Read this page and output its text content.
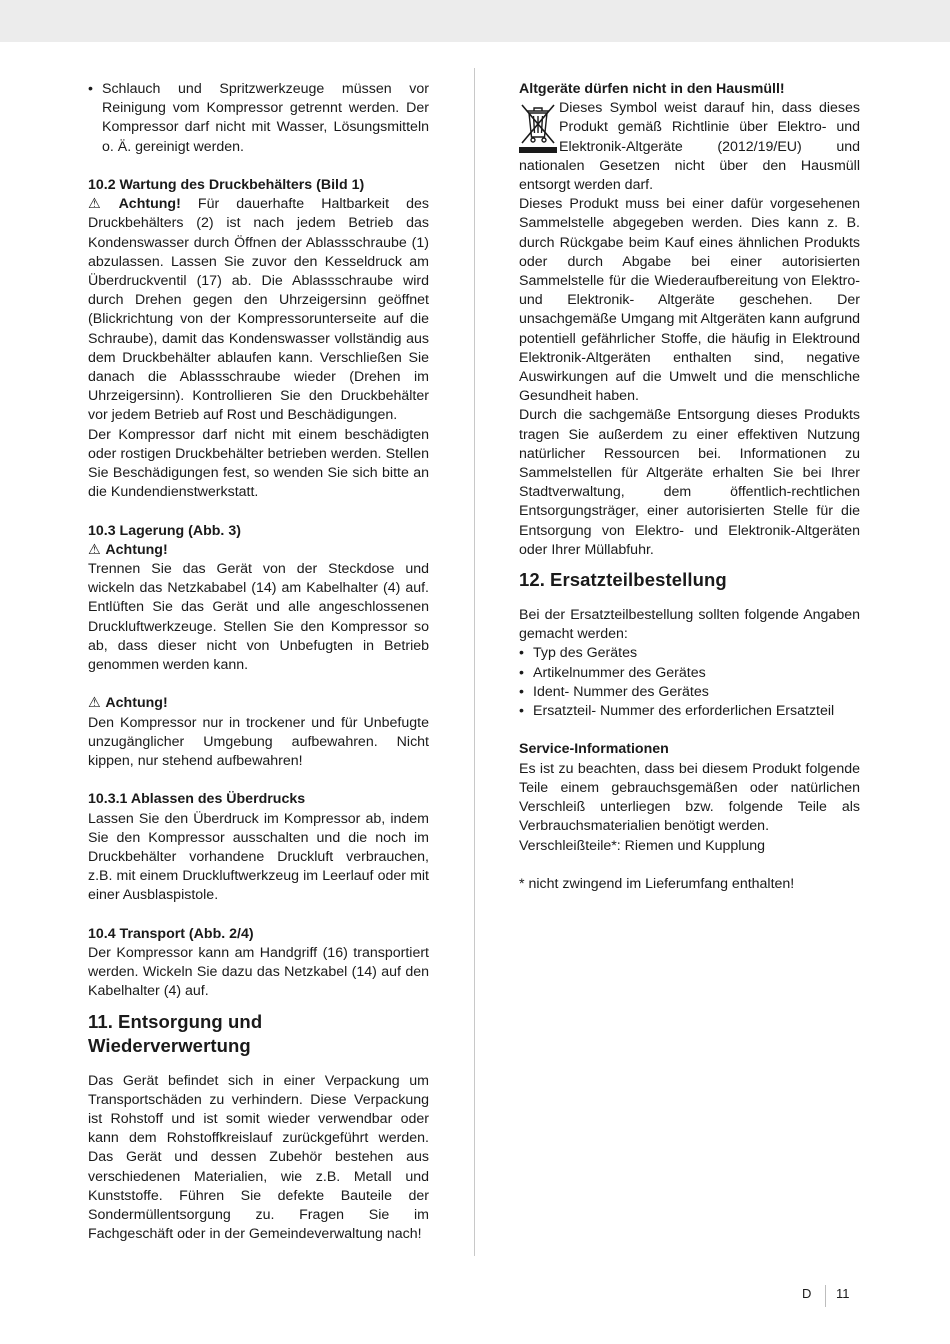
• Schlauch und Spritzwerkzeuge müssen vor Reinigung vom Kompressor getrennt werden. Der Kompressor darf nicht mit Wasser, Lösungsmitteln o. Ä. gereinigt werden.
10.2 Wartung des Druckbehälters (Bild 1)

⚠ Achtung! Für dauerhafte Haltbarkeit des Druckbehälters (2) ist nach jedem Betrieb das Kondenswasser durch Öffnen der Ablassschraube (1) abzulassen. Lassen Sie zuvor den Kesseldruck am Überdruckventil (17) ab. Die Ablassschraube wird durch Drehen gegen den Uhrzeigersinn geöffnet (Blickrichtung von der Kompressorunterseite auf die Schraube), damit das Kondenswasser vollständig aus dem Druckbehälter ablaufen kann. Verschließen Sie danach die Ablassschraube wieder (Drehen im Uhrzeigersinn). Kontrollieren Sie den Druckbehälter vor jedem Betrieb auf Rost und Beschädigungen.

Der Kompressor darf nicht mit einem beschädigten oder rostigen Druckbehälter betrieben werden. Stellen Sie Beschädigungen fest, so wenden Sie sich bitte an die Kundendienstwerkstatt.

10.3 Lagerung (Abb. 3)
⚠ Achtung!

Trennen Sie das Gerät von der Steckdose und wickeln das Netzkababel (14) am Kabelhalter (4) auf. Entlüften Sie das Gerät und alle angeschlossenen Druckluftwerkzeuge. Stellen Sie den Kompressor so ab, dass dieser nicht von Unbefugten in Betrieb genommen werden kann.

⚠ Achtung!

Den Kompressor nur in trockener und für Unbefugte unzugänglicher Umgebung aufbewahren. Nicht kippen, nur stehend aufbewahren!

10.3.1 Ablassen des Überdrucks

Lassen Sie den Überdruck im Kompressor ab, indem Sie den Kompressor ausschalten und die noch im Druckbehälter vorhandene Druckluft verbrauchen, z.B. mit einem Druckluftwerkzeug im Leerlauf oder mit einer Ausblaspistole.

10.4 Transport (Abb. 2/4)

Der Kompressor kann am Handgriff (16) transportiert werden. Wickeln Sie dazu das Netzkabel (14) auf den Kabelhalter (4) auf.

11. Entsorgung und Wiederverwertung

Das Gerät befindet sich in einer Verpackung um Transportschäden zu verhindern. Diese Verpackung ist Rohstoff und ist somit wieder verwendbar oder kann dem Rohstoffkreislauf zurückgeführt werden. Das Gerät und dessen Zubehör bestehen aus verschiedenen Materialien, wie z.B. Metall und Kunststoffe. Führen Sie defekte Bauteile der Sondermüllentsorgung zu. Fragen Sie im Fachgeschäft oder in der Gemeindeverwaltung nach!

Altgeräte dürfen nicht in den Hausmüll!

Dieses Symbol weist darauf hin, dass dieses Produkt gemäß Richtlinie über Elektro- und Elektronik-Altgeräte (2012/19/EU) und nationalen Gesetzen nicht über den Hausmüll entsorgt werden darf.

Dieses Produkt muss bei einer dafür vorgesehenen Sammelstelle abgegeben werden. Dies kann z. B. durch Rückgabe beim Kauf eines ähnlichen Produkts oder durch Abgabe bei einer autorisierten Sammelstelle für die Wiederaufbereitung von Elektro- und Elektronik- Altgeräte geschehen. Der unsachgemäße Umgang mit Altgeräten kann aufgrund potentiell gefährlicher Stoffe, die häufig in Elektround Elektronik-Altgeräten enthalten sind, negative Auswirkungen auf die Umwelt und die menschliche Gesundheit haben.

Durch die sachgemäße Entsorgung dieses Produkts tragen Sie außerdem zu einer effektiven Nutzung natürlicher Ressourcen bei. Informationen zu Sammelstellen für Altgeräte erhalten Sie bei Ihrer Stadtverwaltung, dem öffentlich-rechtlichen Entsorgungsträger, einer autorisierten Stelle für die Entsorgung von Elektro- und Elektronik-Altgeräten oder Ihrer Müllabfuhr.

12. Ersatzteilbestellung

Bei der Ersatzteilbestellung sollten folgende Angaben gemacht werden:

• Typ des Gerätes
• Artikelnummer des Gerätes
• Ident- Nummer des Gerätes
• Ersatzteil- Nummer des erforderlichen Ersatzteil
Service-Informationen

Es ist zu beachten, dass bei diesem Produkt folgende Teile einem gebrauchsgemäßen oder natürlichen Verschleiß unterliegen bzw. folgende Teile als Verbrauchsmaterialien benötigt werden.

Verschleißteile*: Riemen und Kupplung

* nicht zwingend im Lieferumfang enthalten!

D 11
